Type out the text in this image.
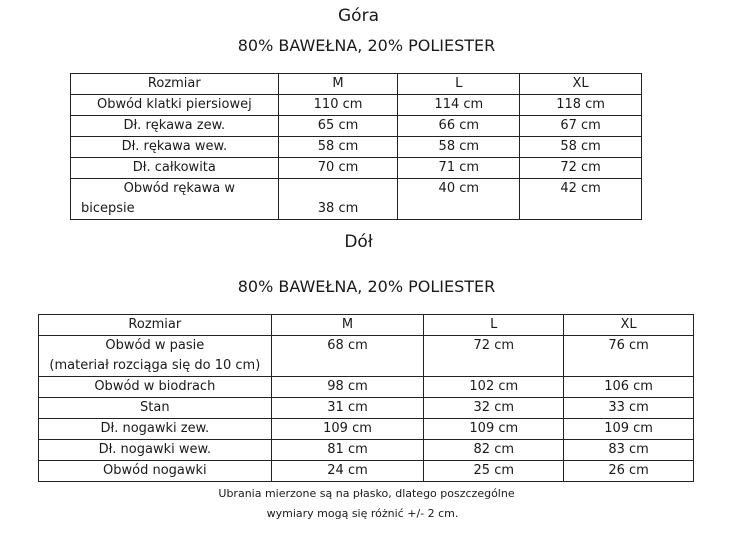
Góra
80% BAWEŁNA, 20% POLIESTER
Rozmiar	M	L	XL
Obwód klatki piersiowej	110 cm	114 cm	118 cm
Dł. rękawa zew.	65 cm	66 cm	67 cm
Dł. rękawa wew.	58 cm	58 cm	58 cm
Dł. całkowita	70 cm	71 cm	72 cm

Obwód rękawa w
bicepsie	38 cm	40 cm	42 cm
Dół
80% BAWEŁNA, 20% POLIESTER
Rozmiar	M	L	XL

Obwód w pasie
(materiał rozciąga się do 10 cm)	68 cm	72 cm	76 cm
Obwód w biodrach	98 cm	102 cm	106 cm
Stan	31 cm	32 cm	33 cm
Dł. nogawki zew.	109 cm	109 cm	109 cm
Dł. nogawki wew.	81 cm	82 cm	83 cm
Obwód nogawki	24 cm	25 cm	26 cm
Ubrania mierzone są na płasko, dlatego poszczególne
wymiary mogą się różnić +/- 2 cm.
